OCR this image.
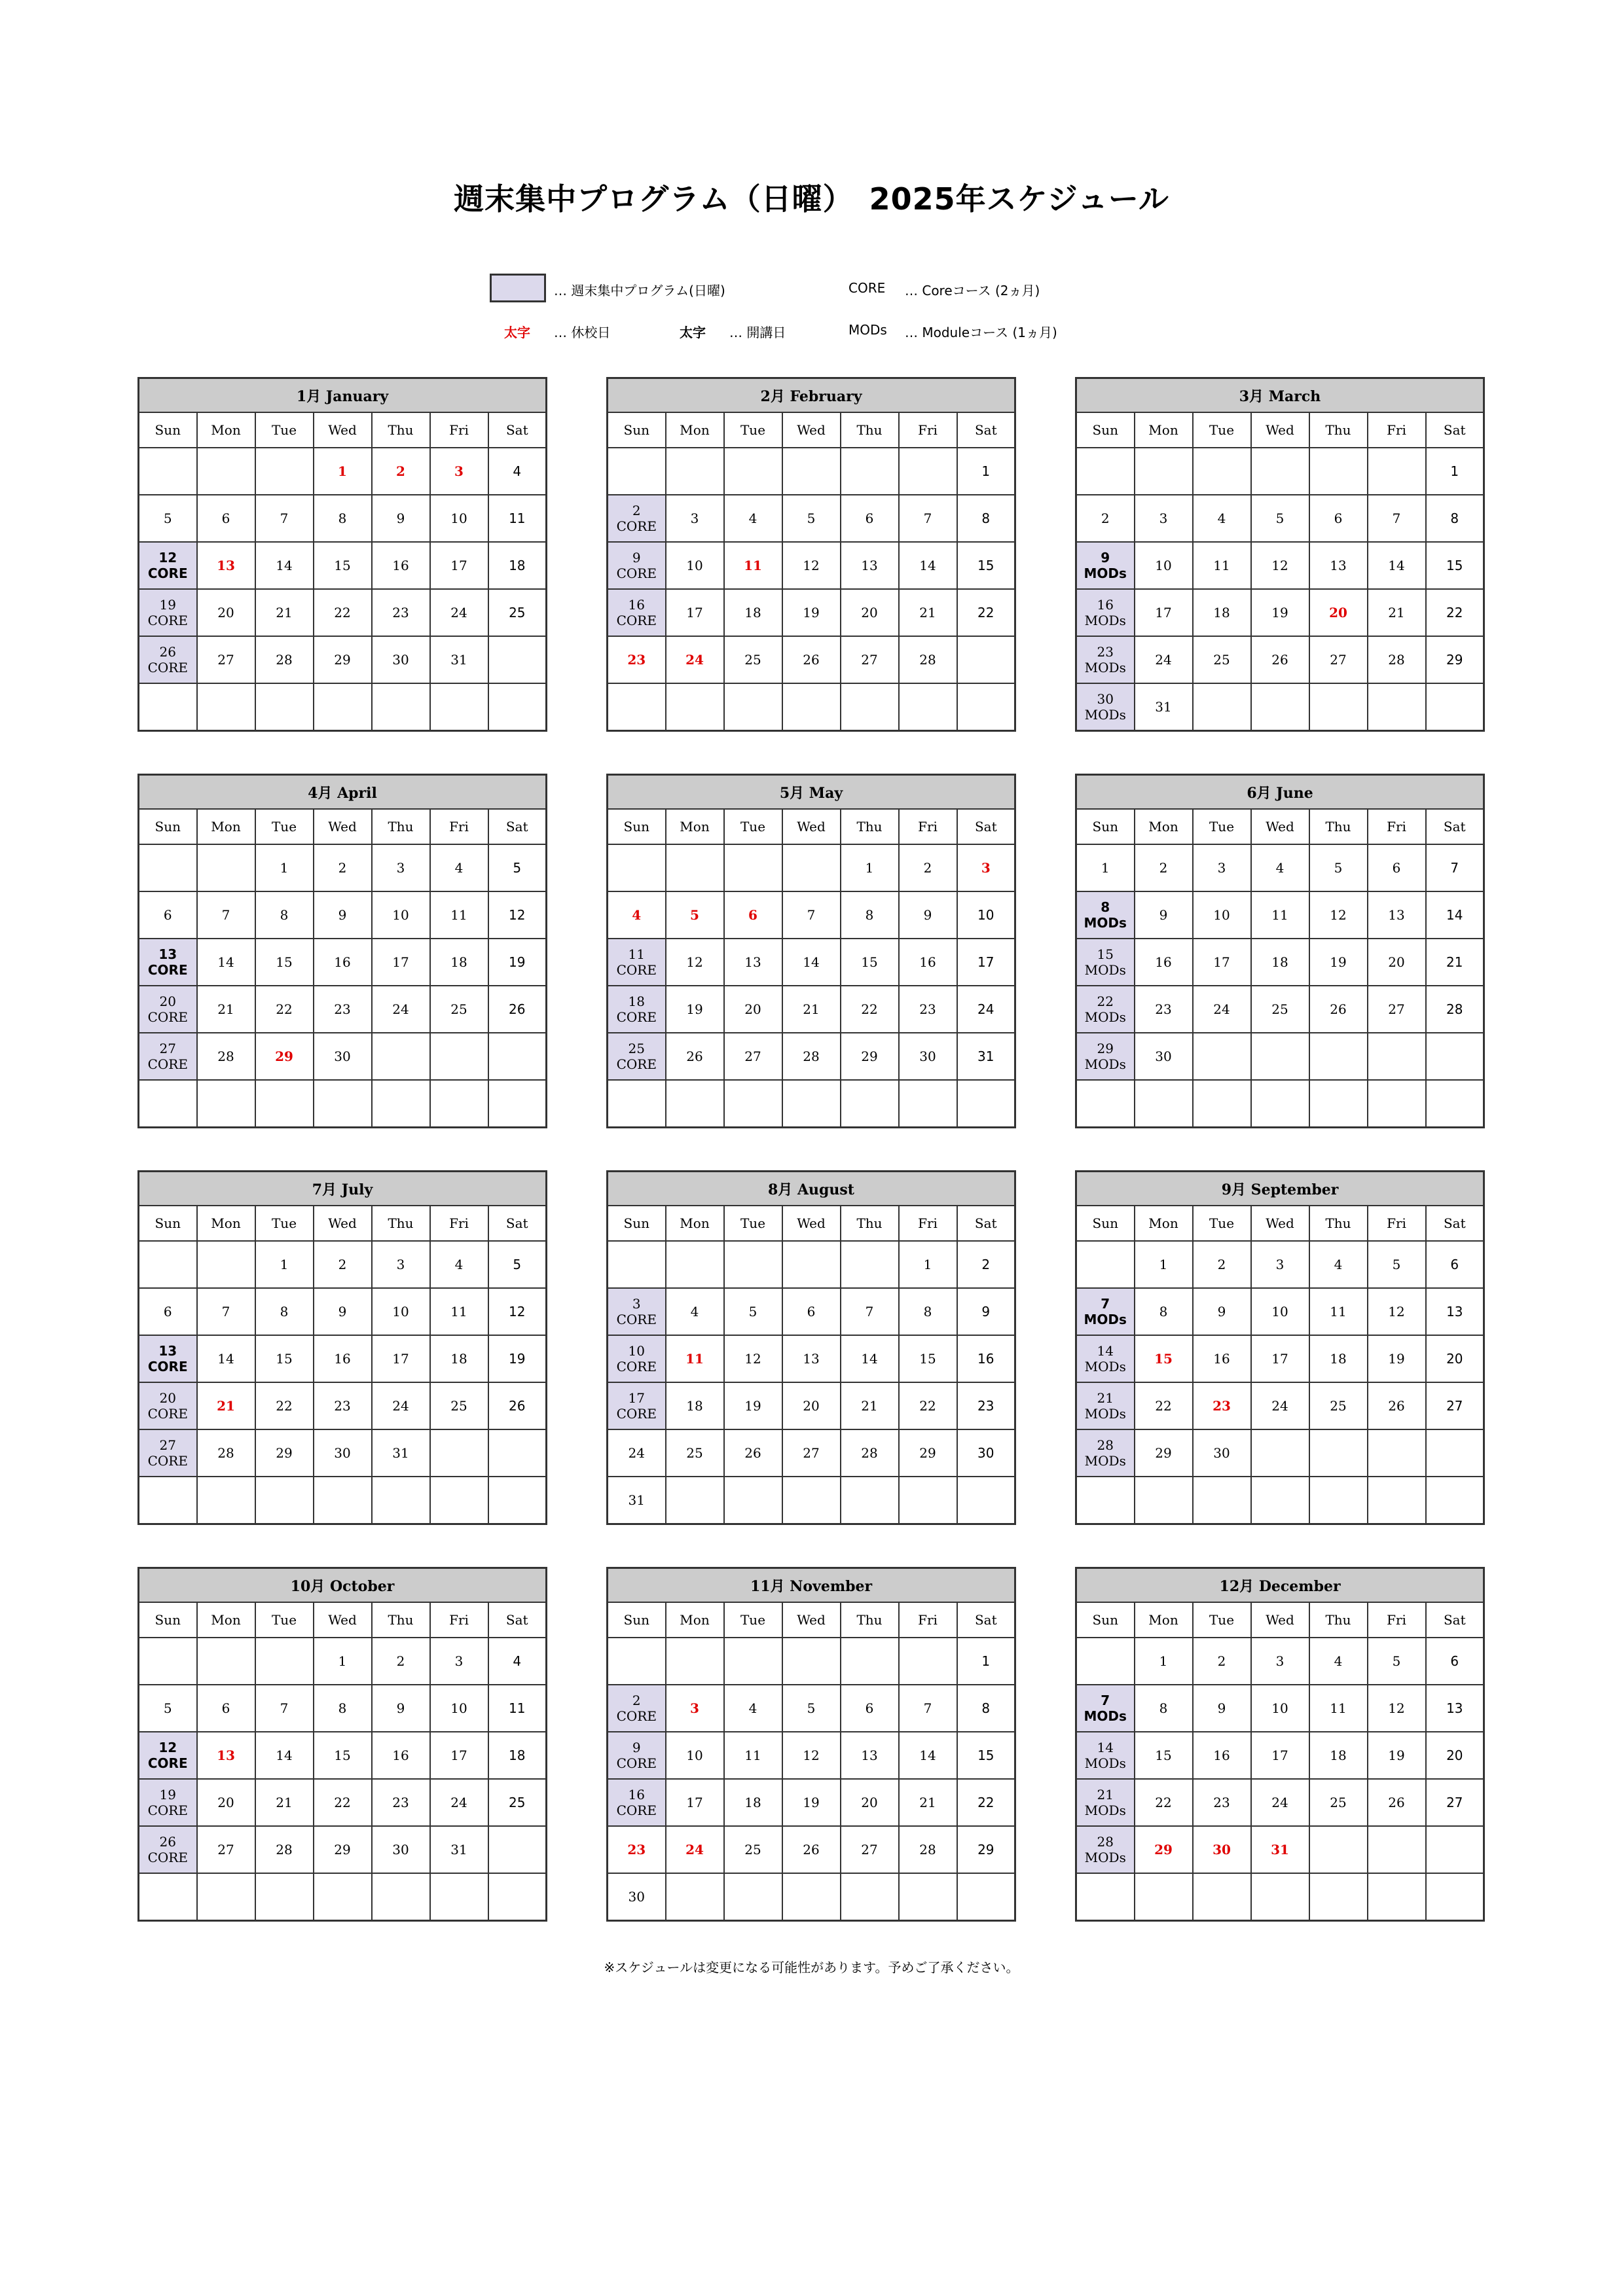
週末集中プログラム（日曜）　2025年スケジュール
… 週末集中プログラム(日曜)	CORE … Coreコース (2ヵ月)
太字 … 休校日	太字 … 開講日	MODs … Moduleコース (1ヵ月)
1月 January						
Sun	Mon	Tue	Wed	Thu	Fri	Sat
			1	2	3	4
5	6	7	8	9	10	11

12
CORE	13	14	15	16	17	18

19
CORE	20	21	22	23	24	25

26
CORE	27	28	29	30	31	

2月 February						
Sun	Mon	Tue	Wed	Thu	Fri	Sat
						1

2
CORE	3	4	5	6	7	8

9
CORE	10	11	12	13	14	15

16
CORE	17	18	19	20	21	22
23	24	25	26	27	28	

3月 March						
Sun	Mon	Tue	Wed	Thu	Fri	Sat
						1
2	3	4	5	6	7	8

9
MODs	10	11	12	13	14	15

16
MODs	17	18	19	20	21	22

23
MODs	24	25	26	27	28	29

30
MODs	31					
4月 April						
Sun	Mon	Tue	Wed	Thu	Fri	Sat
		1	2	3	4	5
6	7	8	9	10	11	12

13
CORE	14	15	16	17	18	19

20
CORE	21	22	23	24	25	26

27
CORE	28	29	30			

5月 May						
Sun	Mon	Tue	Wed	Thu	Fri	Sat
				1	2	3
4	5	6	7	8	9	10

11
CORE	12	13	14	15	16	17

18
CORE	19	20	21	22	23	24

25
CORE	26	27	28	29	30	31

6月 June						
Sun	Mon	Tue	Wed	Thu	Fri	Sat
1	2	3	4	5	6	7

8
MODs	9	10	11	12	13	14

15
MODs	16	17	18	19	20	21

22
MODs	23	24	25	26	27	28

29
MODs	30					

7月 July						
Sun	Mon	Tue	Wed	Thu	Fri	Sat
		1	2	3	4	5
6	7	8	9	10	11	12

13
CORE	14	15	16	17	18	19

20
CORE	21	22	23	24	25	26

27
CORE	28	29	30	31		

8月 August						
Sun	Mon	Tue	Wed	Thu	Fri	Sat
					1	2

3
CORE	4	5	6	7	8	9

10
CORE	11	12	13	14	15	16

17
CORE	18	19	20	21	22	23
24	25	26	27	28	29	30
31						
9月 September						
Sun	Mon	Tue	Wed	Thu	Fri	Sat
	1	2	3	4	5	6

7
MODs	8	9	10	11	12	13

14
MODs	15	16	17	18	19	20

21
MODs	22	23	24	25	26	27

28
MODs	29	30				

10月 October						
Sun	Mon	Tue	Wed	Thu	Fri	Sat
			1	2	3	4
5	6	7	8	9	10	11

12
CORE	13	14	15	16	17	18

19
CORE	20	21	22	23	24	25

26
CORE	27	28	29	30	31	

11月 November						
Sun	Mon	Tue	Wed	Thu	Fri	Sat
						1

2
CORE	3	4	5	6	7	8

9
CORE	10	11	12	13	14	15

16
CORE	17	18	19	20	21	22
23	24	25	26	27	28	29
30						
12月 December						
Sun	Mon	Tue	Wed	Thu	Fri	Sat
	1	2	3	4	5	6

7
MODs	8	9	10	11	12	13

14
MODs	15	16	17	18	19	20

21
MODs	22	23	24	25	26	27

28
MODs	29	30	31			

※スケジュールは変更になる可能性があります。予めご了承ください。
